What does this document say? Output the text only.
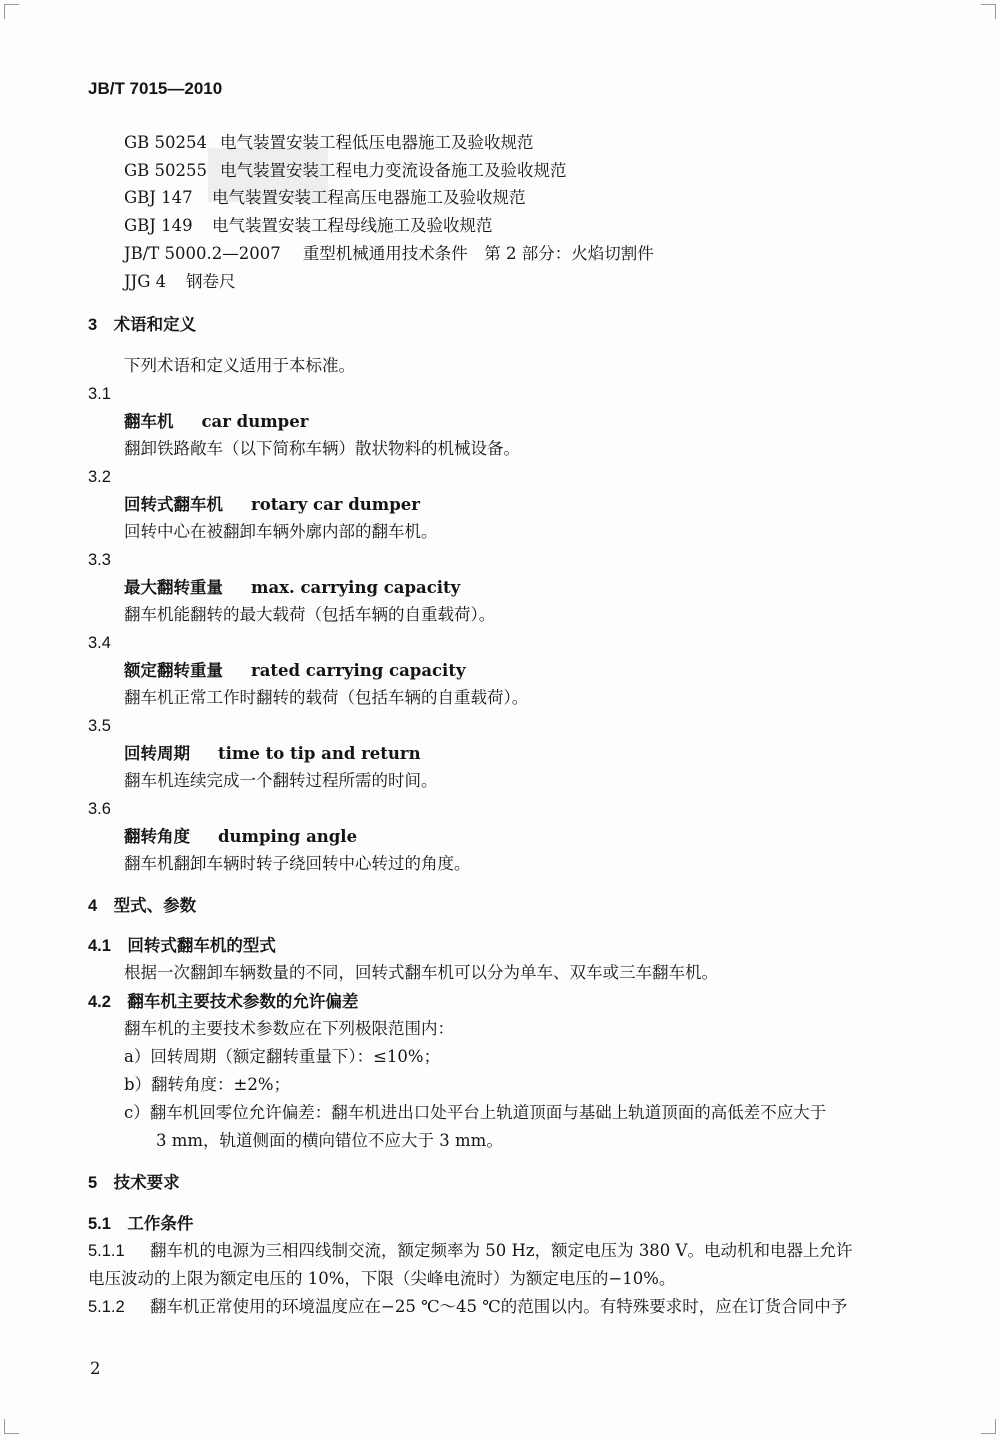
JB/T 7015—2010
GB 50254 电气装置安装工程低压电器施工及验收规范
GB 50255 电气装置安装工程电力变流设备施工及验收规范
GBJ 147 电气装置安装工程高压电器施工及验收规范
GBJ 149 电气装置安装工程母线施工及验收规范
JB/T 5000.2—2007 重型机械通用技术条件　第 2 部分：火焰切割件
JJG 4 钢卷尺
3　术语和定义
下列术语和定义适用于本标准。
3.1
翻车机 car dumper
翻卸铁路敞车（以下简称车辆）散状物料的机械设备。
3.2
回转式翻车机 rotary car dumper
回转中心在被翻卸车辆外廓内部的翻车机。
3.3
最大翻转重量 max. carrying capacity
翻车机能翻转的最大载荷（包括车辆的自重载荷）。
3.4
额定翻转重量 rated carrying capacity
翻车机正常工作时翻转的载荷（包括车辆的自重载荷）。
3.5
回转周期 time to tip and return
翻车机连续完成一个翻转过程所需的时间。
3.6
翻转角度 dumping angle
翻车机翻卸车辆时转子绕回转中心转过的角度。
4　型式、参数
4.1　回转式翻车机的型式
根据一次翻卸车辆数量的不同，回转式翻车机可以分为单车、双车或三车翻车机。
4.2　翻车机主要技术参数的允许偏差
翻车机的主要技术参数应在下列极限范围内：
a）回转周期（额定翻转重量下）：≤10%；
b）翻转角度：±2%；
c）翻车机回零位允许偏差：翻车机进出口处平台上轨道顶面与基础上轨道顶面的高低差不应大于
3 mm，轨道侧面的横向错位不应大于 3 mm。
5　技术要求
5.1　工作条件
5.1.1 翻车机的电源为三相四线制交流，额定频率为 50 Hz，额定电压为 380 V。电动机和电器上允许
电压波动的上限为额定电压的 10%，下限（尖峰电流时）为额定电压的−10%。
5.1.2 翻车机正常使用的环境温度应在−25 ℃～45 ℃的范围以内。有特殊要求时，应在订货合同中予
2
